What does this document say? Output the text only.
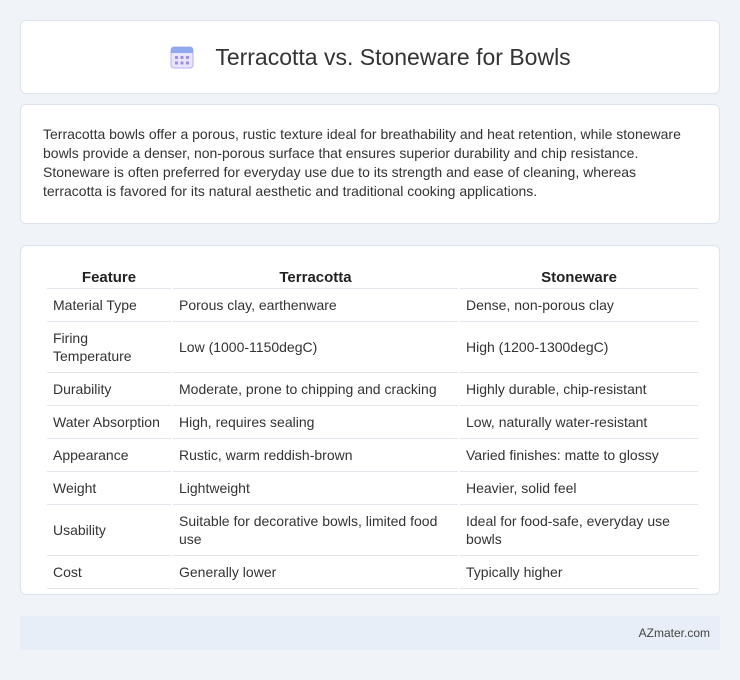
Terracotta vs. Stoneware for Bowls

Terracotta bowls offer a porous, rustic texture ideal for breathability and heat retention, while stoneware bowls provide a denser, non-porous surface that ensures superior durability and chip resistance. Stoneware is often preferred for everyday use due to its strength and ease of cleaning, whereas terracotta is favored for its natural aesthetic and traditional cooking applications.

Feature	Terracotta	Stoneware
Material Type	Porous clay, earthenware	Dense, non-porous clay
Firing Temperature	Low (1000-1150degC)	High (1200-1300degC)
Durability	Moderate, prone to chipping and cracking	Highly durable, chip-resistant
Water Absorption	High, requires sealing	Low, naturally water-resistant
Appearance	Rustic, warm reddish-brown	Varied finishes: matte to glossy
Weight	Lightweight	Heavier, solid feel
Usability	Suitable for decorative bowls, limited food use	Ideal for food-safe, everyday use bowls
Cost	Generally lower	Typically higher
AZmater.com
